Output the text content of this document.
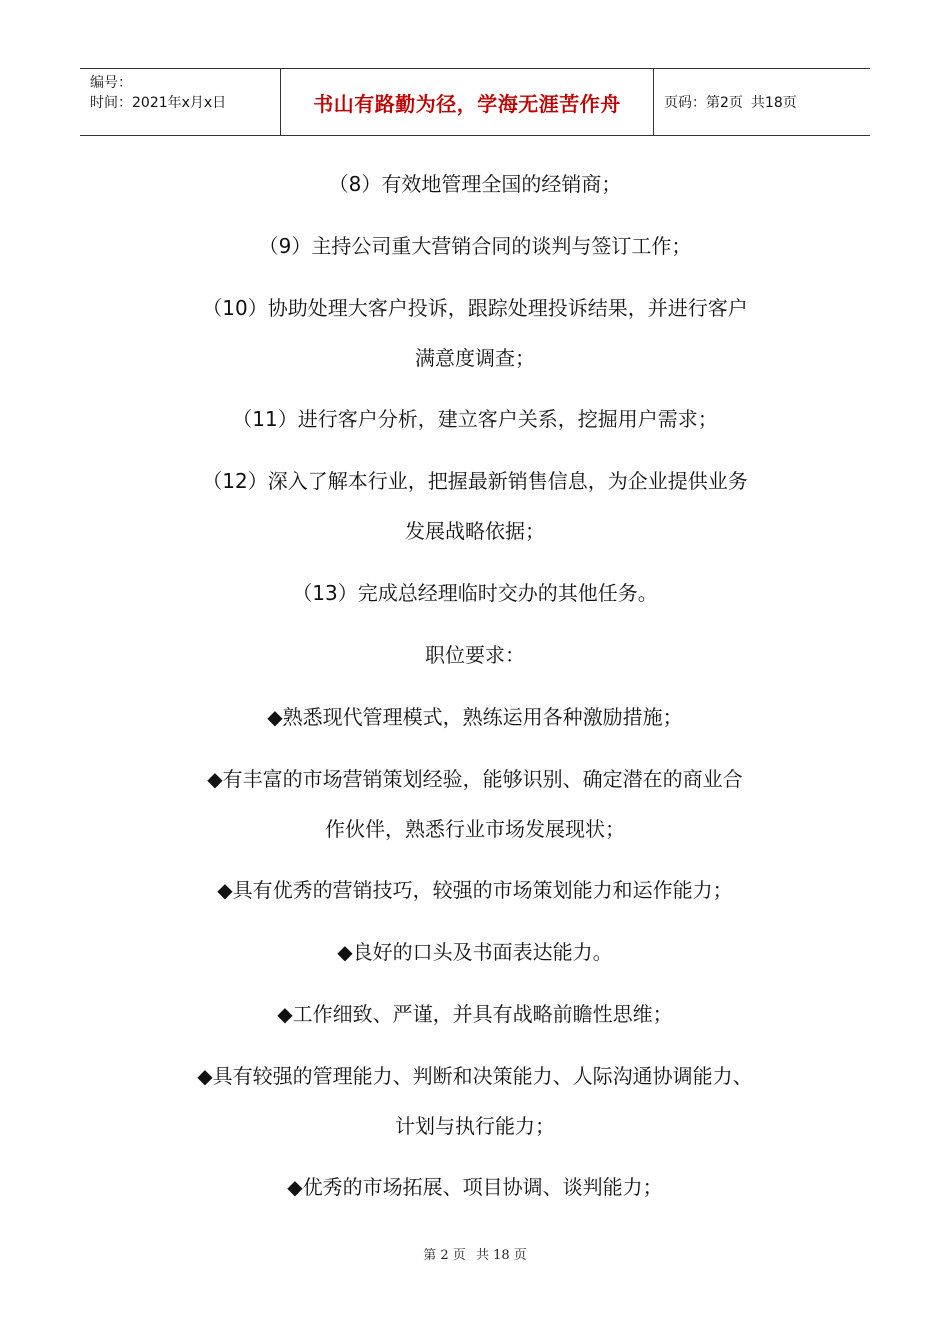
编号：
时间：2021年x月x日	书山有路勤为径，学海无涯苦作舟	页码：第2页 共18页
（8）有效地管理全国的经销商；
（9）主持公司重大营销合同的谈判与签订工作；
（10）协助处理大客户投诉，跟踪处理投诉结果，并进行客户
满意度调查；
（11）进行客户分析，建立客户关系，挖掘用户需求；
（12）深入了解本行业，把握最新销售信息，为企业提供业务
发展战略依据；
（13）完成总经理临时交办的其他任务。
职位要求：
◆熟悉现代管理模式，熟练运用各种激励措施；
◆有丰富的市场营销策划经验，能够识别、确定潜在的商业合
作伙伴，熟悉行业市场发展现状；
◆具有优秀的营销技巧，较强的市场策划能力和运作能力；
◆良好的口头及书面表达能力。
◆工作细致、严谨，并具有战略前瞻性思维；
◆具有较强的管理能力、判断和决策能力、人际沟通协调能力、
计划与执行能力；
◆优秀的市场拓展、项目协调、谈判能力；
第 2 页 共 18 页
